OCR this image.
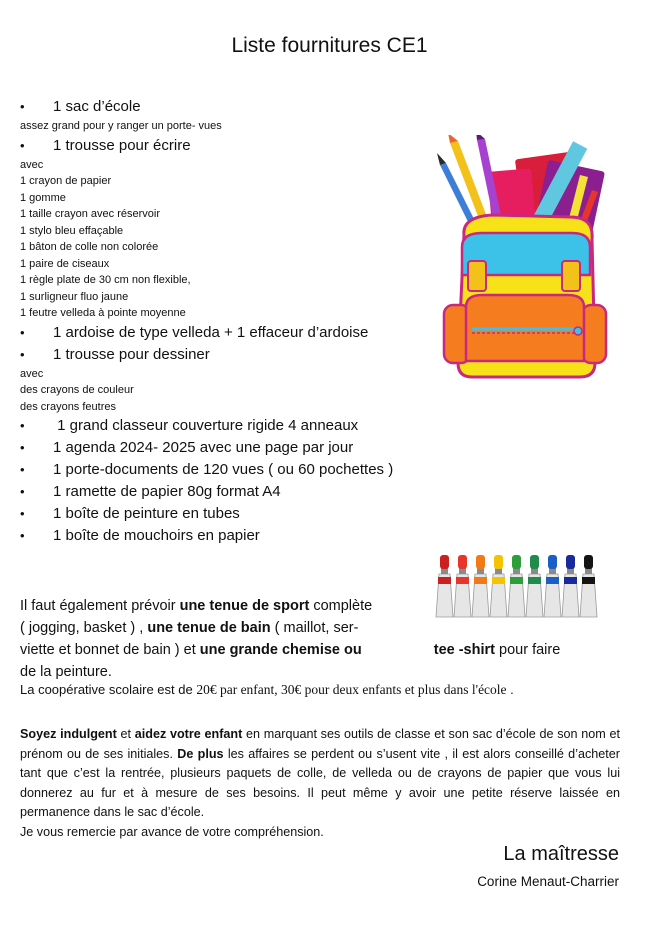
Liste fournitures CE1
• 1 sac d’école
assez grand pour y ranger un porte- vues
• 1 trousse pour écrire
avec
1 crayon de papier
1 gomme
1 taille crayon avec réservoir
1 stylo bleu effaçable
1 bâton de colle non colorée
1 paire de ciseaux
1 règle plate de 30 cm non flexible,
1 surligneur fluo jaune
1 feutre velleda à pointe moyenne
• 1 ardoise de type velleda + 1 effaceur d’ardoise
• 1 trousse pour dessiner
avec
des crayons de couleur
des crayons feutres
• 1 grand classeur couverture rigide 4 anneaux
• 1 agenda 2024- 2025 avec une page par jour
• 1 porte-documents de 120 vues ( ou 60 pochettes )
• 1 ramette de papier 80g format A4
• 1 boîte de peinture en tubes
• 1 boîte de mouchoirs en papier
Il faut également prévoir une tenue de sport complète
( jogging, basket ) , une tenue de bain ( maillot, ser-
viette et bonnet de bain ) et une grande chemise ou	tee -shirt pour faire
de la peinture.
La coopérative scolaire est de 20€ par enfant, 30€ pour deux enfants et plus dans l'école .
Soyez indulgent et aidez votre enfant en marquant ses outils de classe et son sac d’école de son nom et prénom ou de ses initiales. De plus les affaires se perdent ou s’usent vite , il est alors conseillé d’acheter tant que c’est la rentrée, plusieurs paquets de colle, de velleda ou de crayons de papier que vous lui donnerez au fur et à mesure de ses besoins. Il peut même y avoir une petite réserve laissée en permanence dans le sac d’école.
Je vous remercie par avance de votre compréhension.
La maîtresse
Corine Menaut-Charrier
